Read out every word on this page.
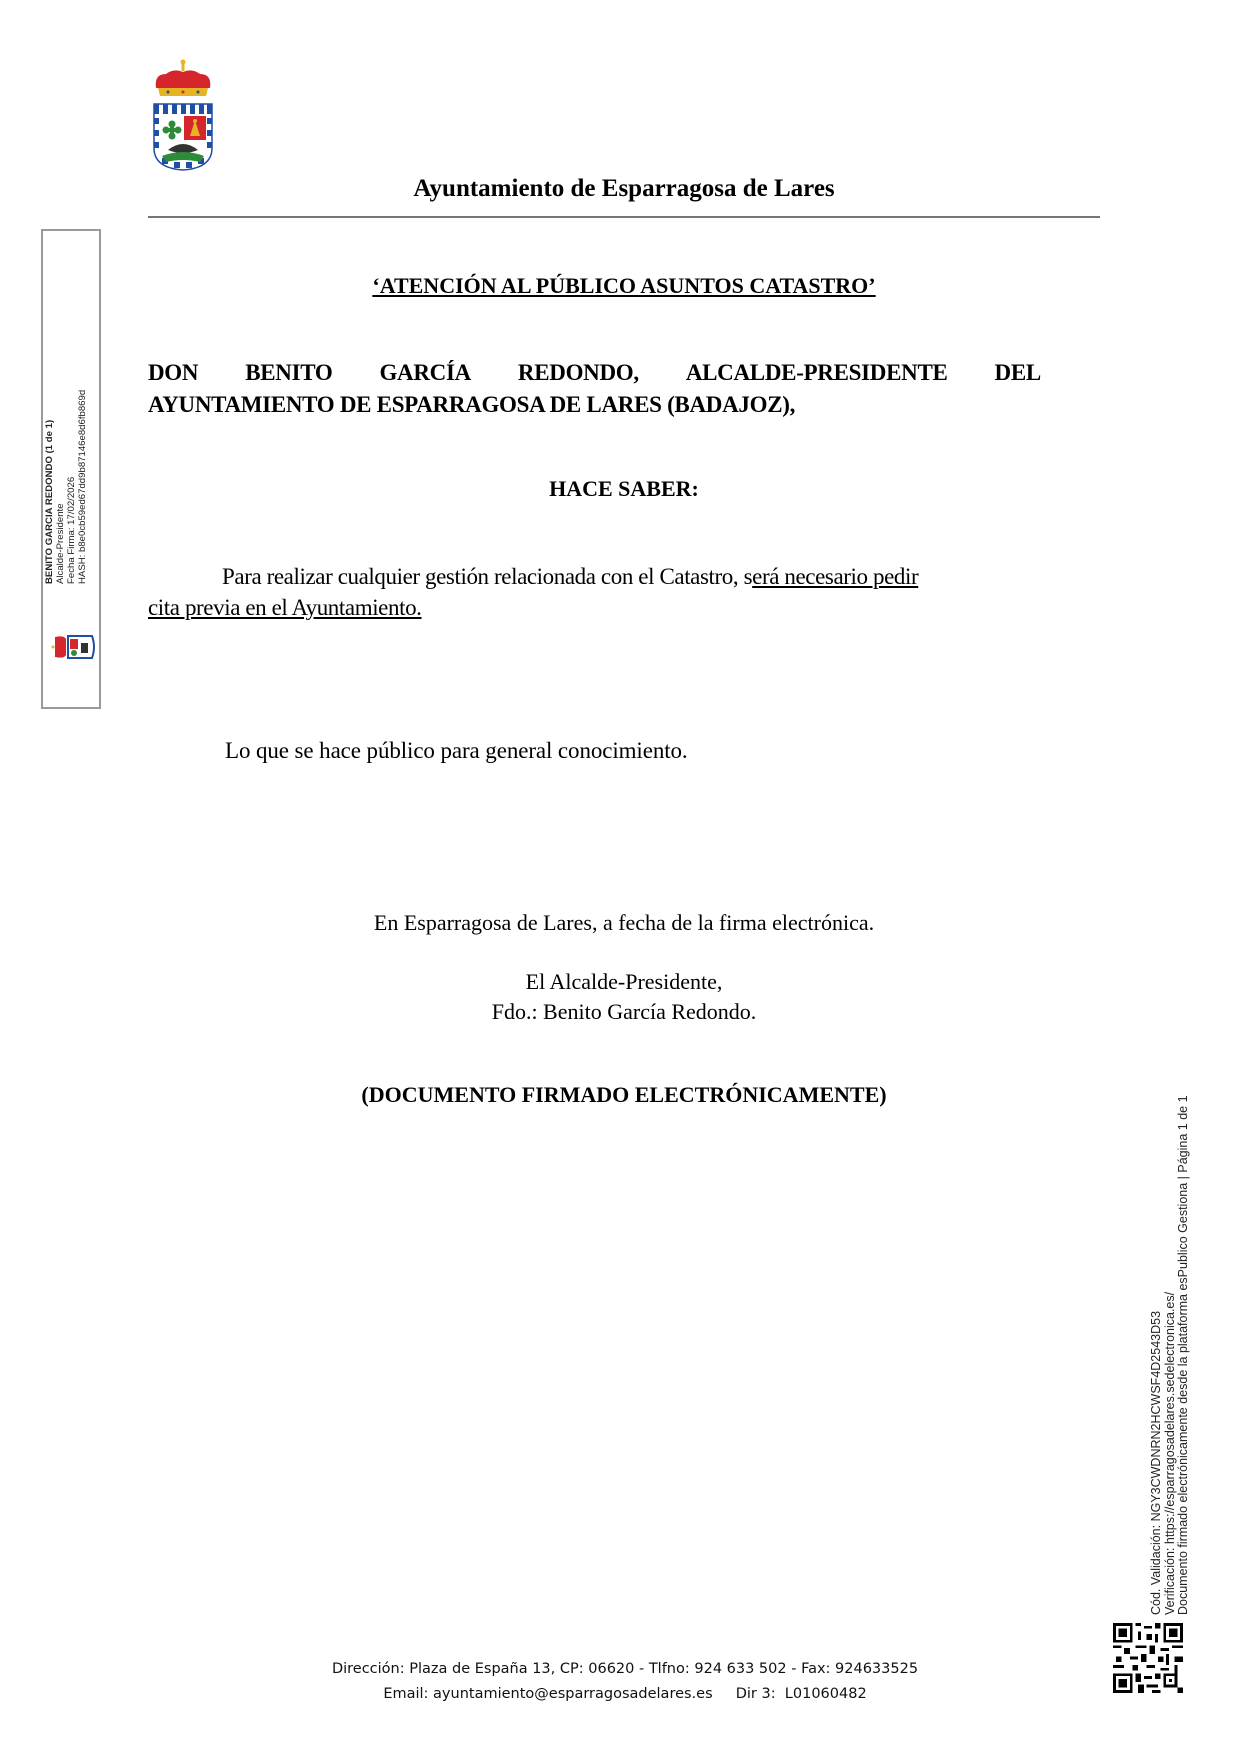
Ayuntamiento de Esparragosa de Lares
‘ATENCIÓN AL PÚBLICO ASUNTOS CATASTRO’
DON BENITO GARCÍA REDONDO, ALCALDE-PRESIDENTE DEL
AYUNTAMIENTO DE ESPARRAGOSA DE LARES (BADAJOZ),
HACE SABER:
Para realizar cualquier gestión relacionada con el Catastro, será necesario pedir
cita previa en el Ayuntamiento.
Lo que se hace público para general conocimiento.
En Esparragosa de Lares, a fecha de la firma electrónica.
El Alcalde-Presidente,
Fdo.: Benito García Redondo.
(DOCUMENTO FIRMADO ELECTRÓNICAMENTE)
BENITO GARCIA REDONDO (1 de 1) Alcalde-Presidente Fecha Firma: 17/02/2026 HASH: b8e0cb59ed67dd9b87146e8d6fb869d
Cód. Validación: NGY3CWDNRN2HCWSF4D2543D53 Verificación: https://esparragosadelares.sedelectronica.es/ Documento firmado electrónicamente desde la plataforma esPublico Gestiona | Página 1 de 1
Dirección: Plaza de España 13, CP: 06620 - Tlfno: 924 633 502 - Fax: 924633525
Email: ayuntamiento@esparragosadelares.es Dir 3:  L01060482
